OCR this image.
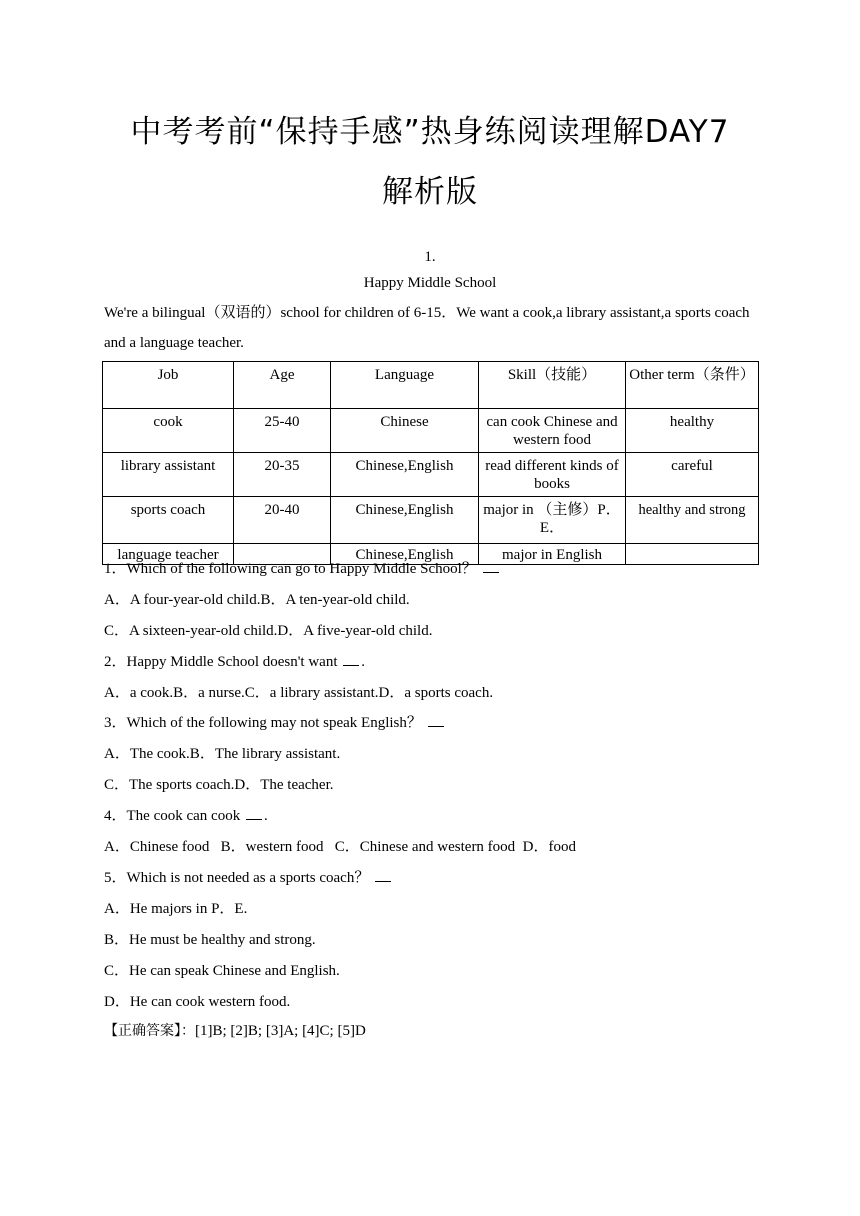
中考考前“保持手感”热身练阅读理解DAY7
解析版
1.
Happy Middle School
We're a bilingual（双语的）school for children of 6-15．We want a cook,a library assistant,a sports coach and a language teacher.
Job	Age	Language	Skill（技能）	Other term（条件）
cook	25-40	Chinese	can cook Chinese and western food	healthy
library assistant	20-35	Chinese,English	read different kinds of books	careful
sports coach	20-40	Chinese,English	major in （主修）P．E．	healthy and strong
language teacher		Chinese,English	major in English	
1．Which of the following can go to Happy Middle School？
A．A four-year-old child.B．A ten-year-old child.
C．A sixteen-year-old child.D．A five-year-old child.
2．Happy Middle School doesn't want .
A．a cook.B．a nurse.C．a library assistant.D．a sports coach.
3．Which of the following may not speak English？
A．The cook.B．The library assistant.
C．The sports coach.D．The teacher.
4．The cook can cook .
A．Chinese food   B．western food   C．Chinese and western food  D．food
5．Which is not needed as a sports coach？
A．He majors in P．E.
B．He must be healthy and strong.
C．He can speak Chinese and English.
D．He can cook western food.
【正确答案】：[1]B; [2]B; [3]A; [4]C; [5]D
